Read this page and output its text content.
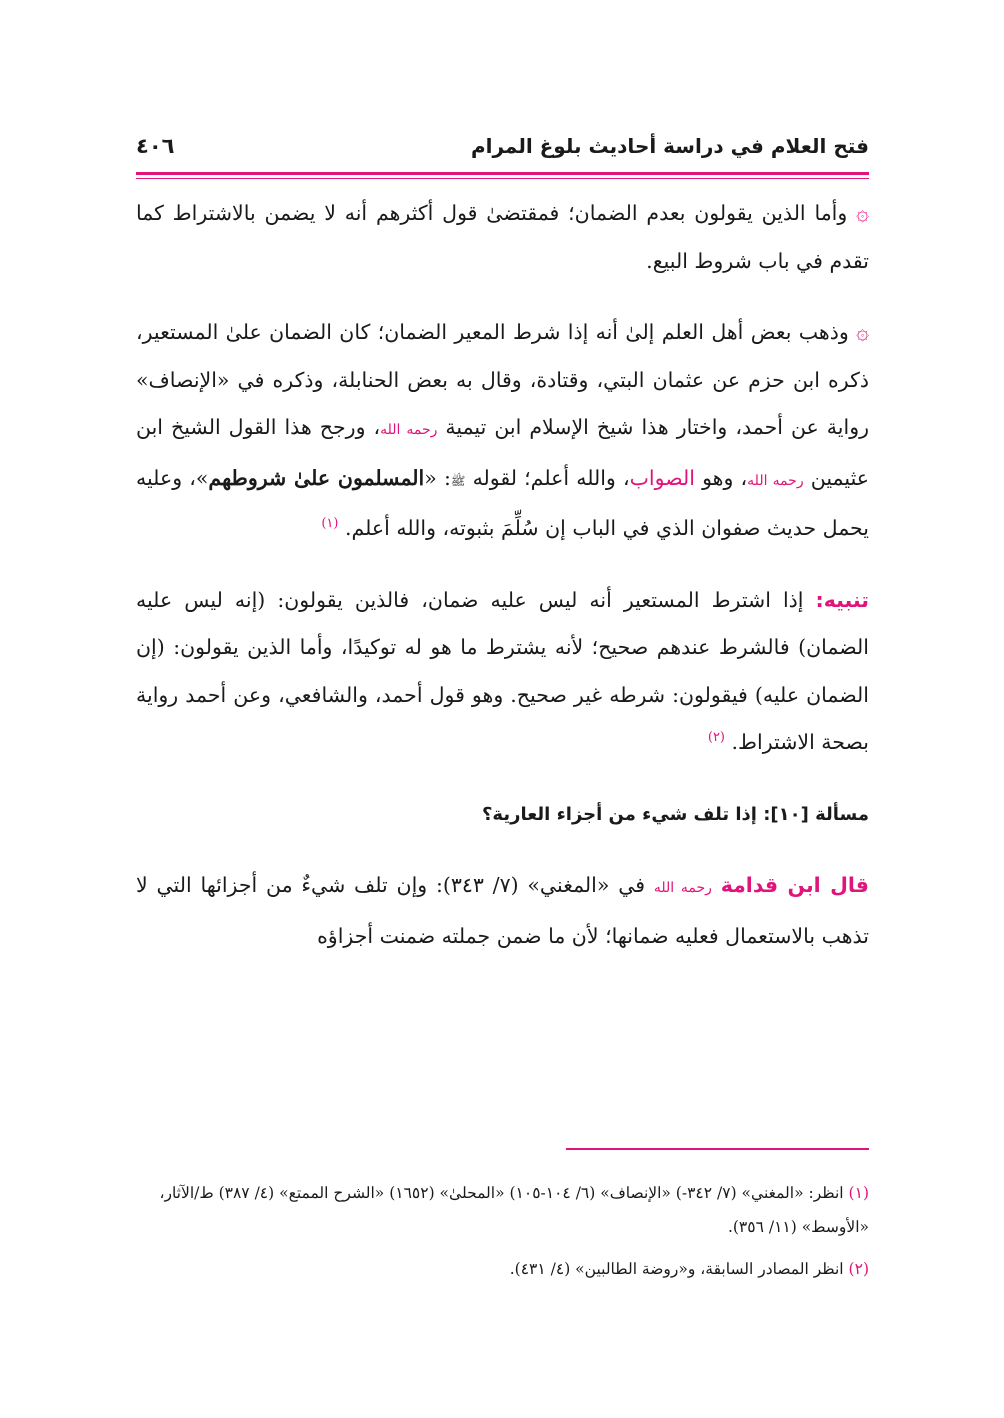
فتح العلام في دراسة أحاديث بلوغ المرام
٤٠٦

۞ وأما الذين يقولون بعدم الضمان؛ فمقتضىٰ قول أكثرهم أنه لا يضمن بالاشتراط كما تقدم في باب شروط البيع.

۞ وذهب بعض أهل العلم إلىٰ أنه إذا شرط المعير الضمان؛ كان الضمان علىٰ المستعير، ذكره ابن حزم عن عثمان البتي، وقتادة، وقال به بعض الحنابلة، وذكره في «الإنصاف» رواية عن أحمد، واختار هذا شيخ الإسلام ابن تيمية رحمه الله، ورجح هذا القول الشيخ ابن عثيمين رحمه الله، وهو الصواب، والله أعلم؛ لقوله ﷺ: «المسلمون علىٰ شروطهم»، وعليه يحمل حديث صفوان الذي في الباب إن سُلِّمَ بثبوته، والله أعلم. $^{(١)}$

تنبيه: إذا اشترط المستعير أنه ليس عليه ضمان، فالذين يقولون: (إنه ليس عليه الضمان) فالشرط عندهم صحيح؛ لأنه يشترط ما هو له توكيدًا، وأما الذين يقولون: (إن الضمان عليه) فيقولون: شرطه غير صحيح. وهو قول أحمد، والشافعي، وعن أحمد رواية بصحة الاشتراط. $^{(٢)}$

مسألة [١٠]: إذا تلف شيء من أجزاء العارية؟

قال ابن قدامة رحمه الله في «المغني» (٧/ ٣٤٣): وإن تلف شيءٌ من أجزائها التي لا تذهب بالاستعمال فعليه ضمانها؛ لأن ما ضمن جملته ضمنت أجزاؤه

(١) انظر: «المغني» (٧/ ٣٤٢-) «الإنصاف» (٦/ ١٠٤-١٠٥) «المحلىٰ» (١٦٥٢) «الشرح الممتع» (٤/ ٣٨٧) ط/الآثار، «الأوسط» (١١/ ٣٥٦).

(٢) انظر المصادر السابقة، و«روضة الطالبين» (٤/ ٤٣١).
